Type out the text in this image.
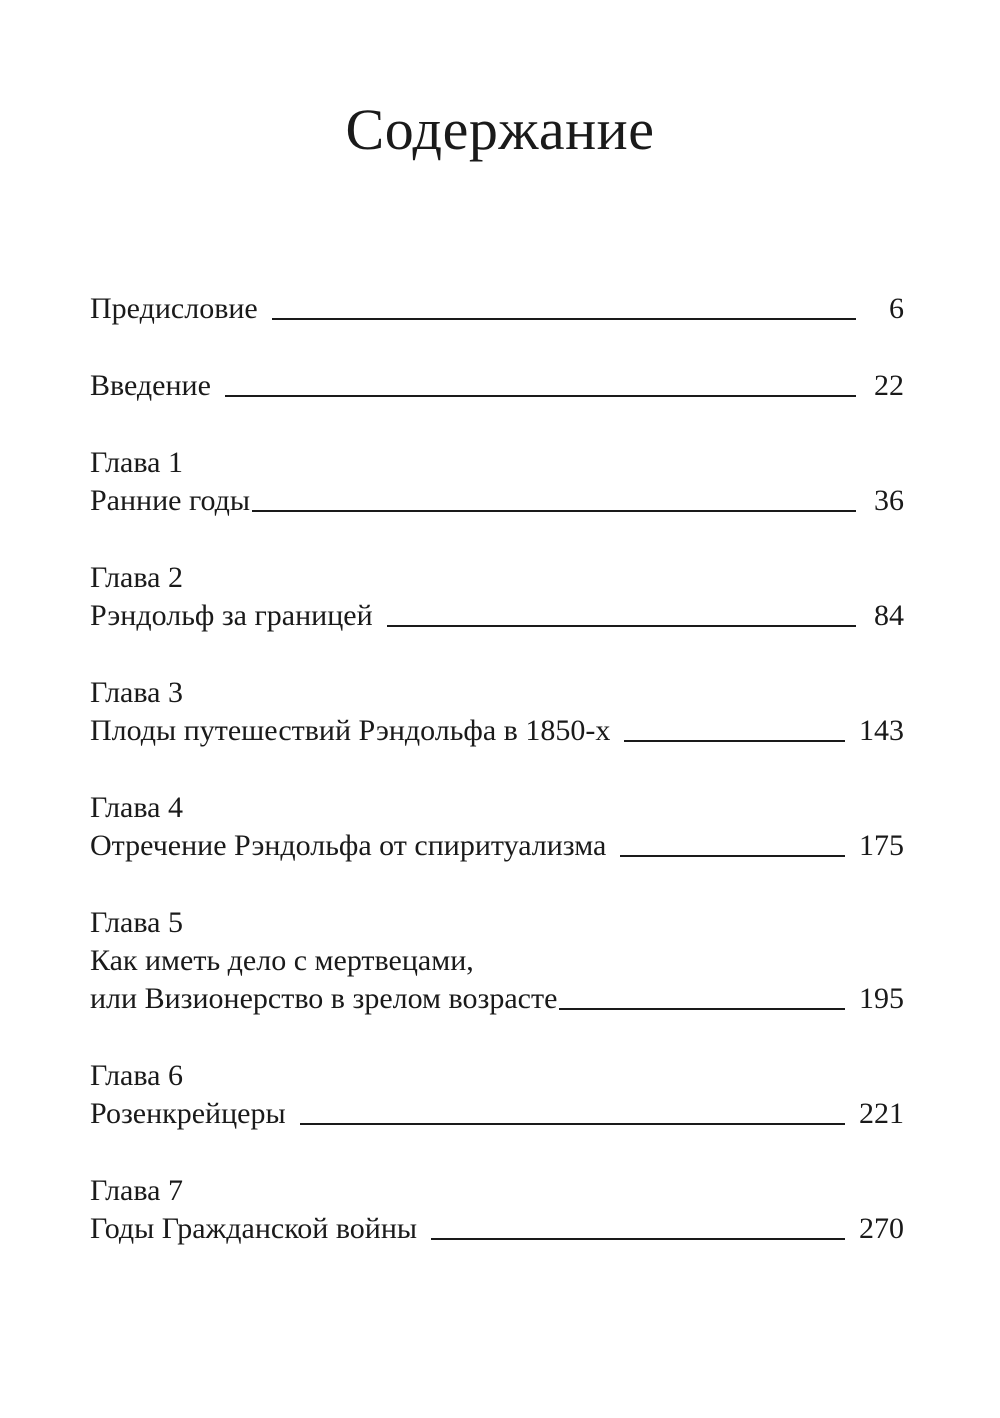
Содержание
Предисловие	6
Введение	22
Глава 1
Ранние годы	36
Глава 2
Рэндольф за границей	84
Глава 3
Плоды путешествий Рэндольфа в 1850-х	143
Глава 4
Отречение Рэндольфа от спиритуализма	175
Глава 5
Как иметь дело с мертвецами,
или Визионерство в зрелом возрасте	195
Глава 6
Розенкрейцеры	221
Глава 7
Годы Гражданской войны	270
